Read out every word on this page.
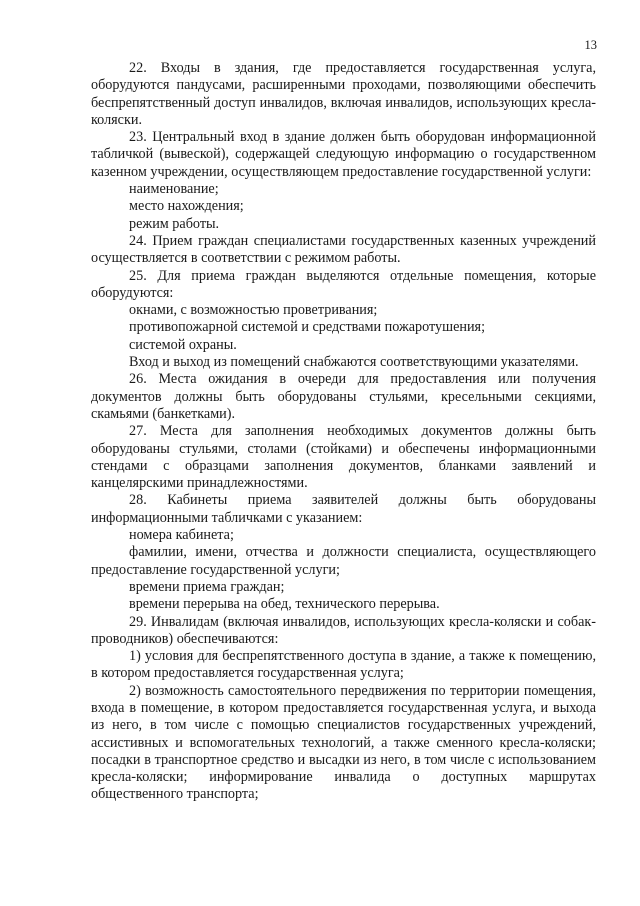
13

22. Входы в здания, где предоставляется государственная услуга, оборудуются пандусами, расширенными проходами, позволяющими обеспечить беспрепятственный доступ инвалидов, включая инвалидов, использующих кресла-коляски.

23. Центральный вход в здание должен быть оборудован информационной табличкой (вывеской), содержащей следующую информацию о государственном казенном учреждении, осуществляющем предоставление государственной услуги:

наименование;

место нахождения;

режим работы.

24. Прием граждан специалистами государственных казенных учреждений осуществляется в соответствии с режимом работы.

25. Для приема граждан выделяются отдельные помещения, которые оборудуются:

окнами, с возможностью проветривания;

противопожарной системой и средствами пожаротушения;

системой охраны.

Вход и выход из помещений снабжаются соответствующими указателями.

26. Места ожидания в очереди для предоставления или получения документов должны быть оборудованы стульями, кресельными секциями, скамьями (банкетками).

27. Места для заполнения необходимых документов должны быть оборудованы стульями, столами (стойками) и обеспечены информационными стендами с образцами заполнения документов, бланками заявлений и канцелярскими принадлежностями.

28. Кабинеты приема заявителей должны быть оборудованы информационными табличками с указанием:

номера кабинета;

фамилии, имени, отчества и должности специалиста, осуществляющего предоставление государственной услуги;

времени приема граждан;

времени перерыва на обед, технического перерыва.

29. Инвалидам (включая инвалидов, использующих кресла-коляски и собак-проводников) обеспечиваются:

1) условия для беспрепятственного доступа в здание, а также к помещению, в котором предоставляется государственная услуга;

2) возможность самостоятельного передвижения по территории помещения, входа в помещение, в котором предоставляется государственная услуга, и выхода из него, в том числе с помощью специалистов государственных учреждений, ассистивных и вспомогательных технологий, а также сменного кресла-коляски; посадки в транспортное средство и высадки из него, в том числе с использованием кресла-коляски; информирование инвалида о доступных маршрутах общественного транспорта;
